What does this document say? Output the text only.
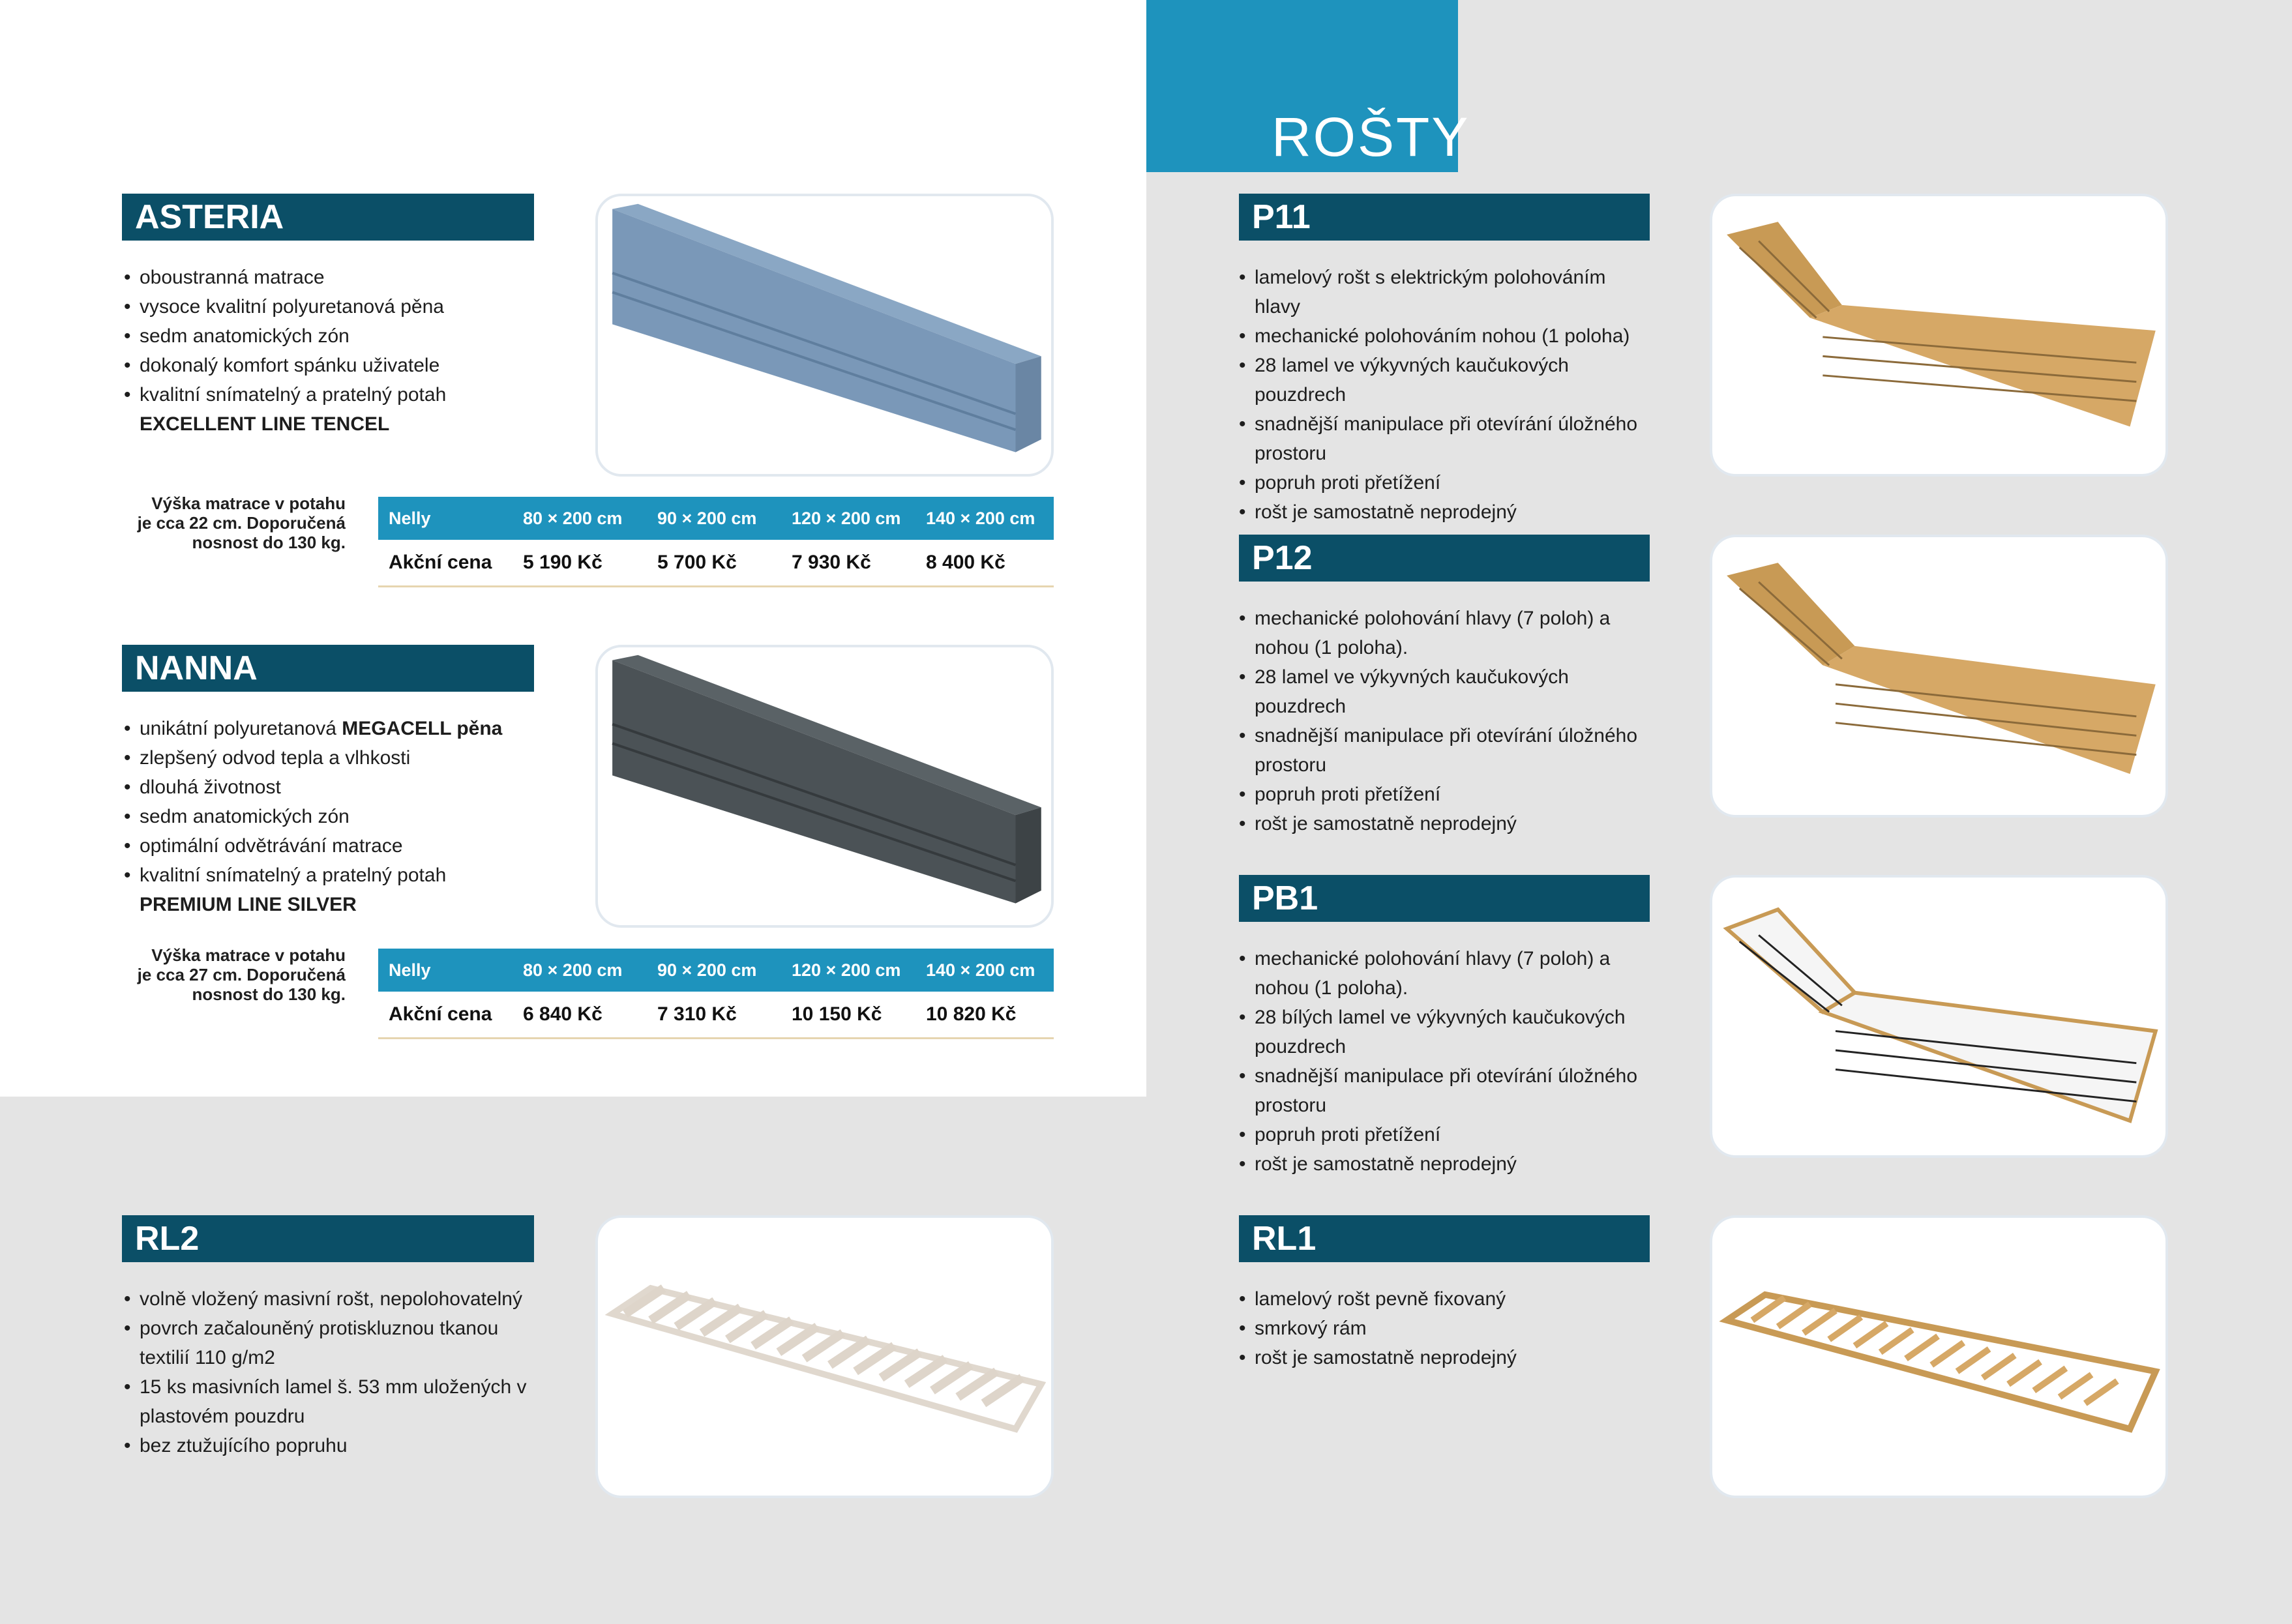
ROŠTY
ASTERIA
• oboustranná matrace
• vysoce kvalitní polyuretanová pěna
• sedm anatomických zón
• dokonalý komfort spánku uživatele
• kvalitní snímatelný a pratelný potah EXCELLENT LINE TENCEL
Výška matrace v potahu
je cca 22 cm. Doporučená
nosnost do 130 kg.
Nelly	80 × 200 cm	90 × 200 cm	120 × 200 cm	140 × 200 cm
Akční cena	5 190 Kč	5 700 Kč	7 930 Kč	8 400 Kč
NANNA
• unikátní polyuretanová MEGACELL pěna
• zlepšený odvod tepla a vlhkosti
• dlouhá životnost
• sedm anatomických zón
• optimální odvětrávání matrace
• kvalitní snímatelný a pratelný potah PREMIUM LINE SILVER
Výška matrace v potahu
je cca 27 cm. Doporučená
nosnost do 130 kg.
Nelly	80 × 200 cm	90 × 200 cm	120 × 200 cm	140 × 200 cm
Akční cena	6 840 Kč	7 310 Kč	10 150 Kč	10 820 Kč
RL2
• volně vložený masivní rošt, nepolohovatelný
• povrch začalouněný protiskluznou tkanou textilií 110 g/m2
• 15 ks masivních lamel š. 53 mm uložených v plastovém pouzdru
• bez ztužujícího popruhu
P11
• lamelový rošt s elektrickým polohováním hlavy
• mechanické polohováním nohou (1 poloha)
• 28 lamel ve výkyvných kaučukových pouzdrech
• snadnější manipulace při otevírání úložného prostoru
• popruh proti přetížení
• rošt je samostatně neprodejný
P12
• mechanické polohování hlavy (7 poloh) a nohou (1 poloha).
• 28 lamel ve výkyvných kaučukových pouzdrech
• snadnější manipulace při otevírání úložného prostoru
• popruh proti přetížení
• rošt je samostatně neprodejný
PB1
• mechanické polohování hlavy (7 poloh) a nohou (1 poloha).
• 28 bílých lamel ve výkyvných kaučukových pouzdrech
• snadnější manipulace při otevírání úložného prostoru
• popruh proti přetížení
• rošt je samostatně neprodejný
RL1
• lamelový rošt pevně fixovaný
• smrkový rám
• rošt je samostatně neprodejný
